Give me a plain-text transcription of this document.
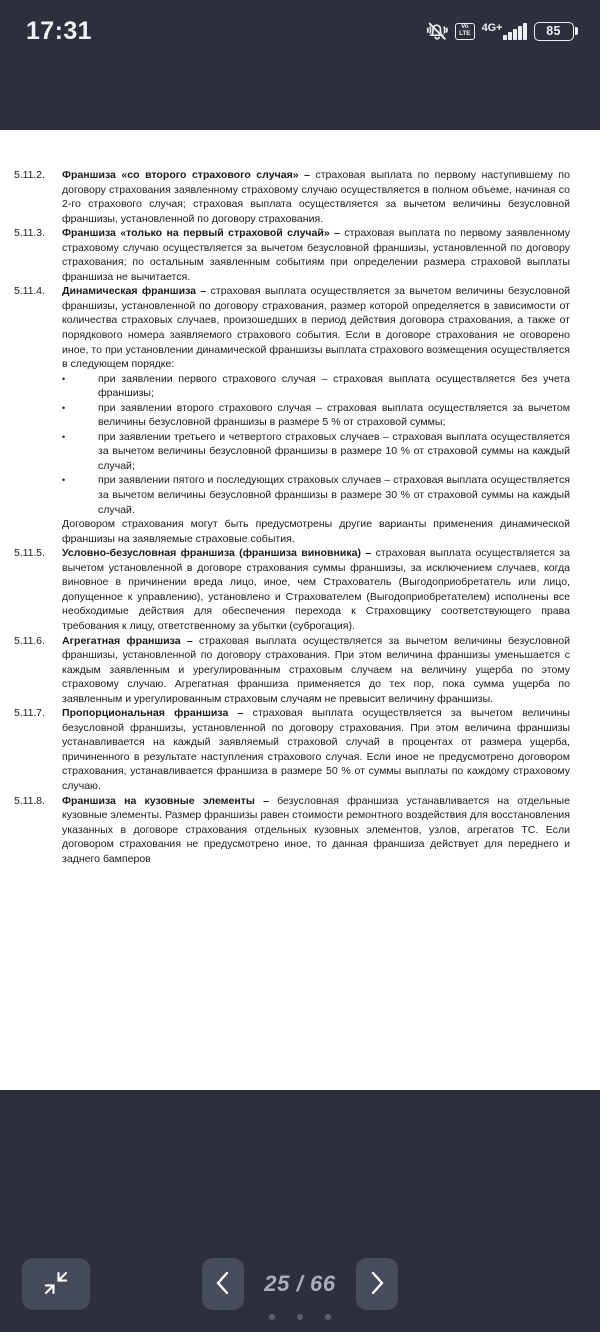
17:31	Vo
LTE
4G+	85
5.11.2.	Франшиза «со второго страхового случая» – страховая выплата по первому наступившему по договору страхования заявленному страховому случаю осуществляется в полном объеме, начиная со 2-го страхового случая; страховая выплата осуществляется за вычетом величины безусловной франшизы, установленной по договору страхования.
5.11.3.	Франшиза «только на первый страховой случай» – страховая выплата по первому заявленному страховому случаю осуществляется за вычетом безусловной франшизы, установленной по договору страхования; по остальным заявленным событиям при определении размера страховой выплаты франшиза не вычитается.
5.11.4.	Динамическая франшиза – страховая выплата осуществляется за вычетом величины безусловной франшизы, установленной по договору страхования, размер которой определяется в зависимости от количества страховых случаев, произошедших в период действия договора страхования, а также от порядкового номера заявляемого страхового события. Если в договоре страхования не оговорено иное, то при установлении динамической франшизы выплата страхового возмещения осуществляется в следующем порядке:
•	при заявлении первого страхового случая – страховая выплата осуществляется без учета франшизы;
•	при заявлении второго страхового случая – страховая выплата осуществляется за вычетом величины безусловной франшизы в размере 5 % от страховой суммы;
•	при заявлении третьего и четвертого страховых случаев – страховая выплата осуществляется за вычетом величины безусловной франшизы в размере 10 % от страховой суммы на каждый случай;
•	при заявлении пятого и последующих страховых случаев – страховая выплата осуществляется за вычетом величины безусловной франшизы в размере 30 % от страховой суммы на каждый случай.
Договором страхования могут быть предусмотрены другие варианты применения динамической франшизы на заявляемые страховые события.
5.11.5.	Условно-безусловная франшиза (франшиза виновника) – страховая выплата осуществляется за вычетом установленной в договоре страхования суммы франшизы, за исключением случаев, когда виновное в причинении вреда лицо, иное, чем Страхователь (Выгодоприобретатель или лицо, допущенное к управлению), установлено и Страхователем (Выгодоприобретателем) исполнены все необходимые действия для обеспечения перехода к Страховщику соответствующего права требования к лицу, ответственному за убытки (суброгация).
5.11.6.	Агрегатная франшиза – страховая выплата осуществляется за вычетом величины безусловной франшизы, установленной по договору страхования. При этом величина франшизы уменьшается с каждым заявленным и урегулированным страховым случаем на величину ущерба по этому страховому случаю. Агрегатная франшиза применяется до тех пор, пока сумма ущерба по заявленным и урегулированным страховым случаям не превысит величину франшизы.
5.11.7.	Пропорциональная франшиза – страховая выплата осуществляется за вычетом величины безусловной франшизы, установленной по договору страхования. При этом величина франшизы устанавливается на каждый заявляемый страховой случай в процентах от размера ущерба, причиненного в результате наступления страхового случая. Если иное не предусмотрено договором страхования, устанавливается франшиза в размере 50 % от суммы выплаты по каждому страховому случаю.
5.11.8.	Франшиза на кузовные элементы – безусловная франшиза устанавливается на отдельные кузовные элементы. Размер франшизы равен стоимости ремонтного воздействия для восстановления указанных в договоре страхования отдельных кузовных элементов, узлов, агрегатов ТС. Если договором страхования не предусмотрено иное, то данная франшиза действует для переднего и заднего бамперов
25 / 66
